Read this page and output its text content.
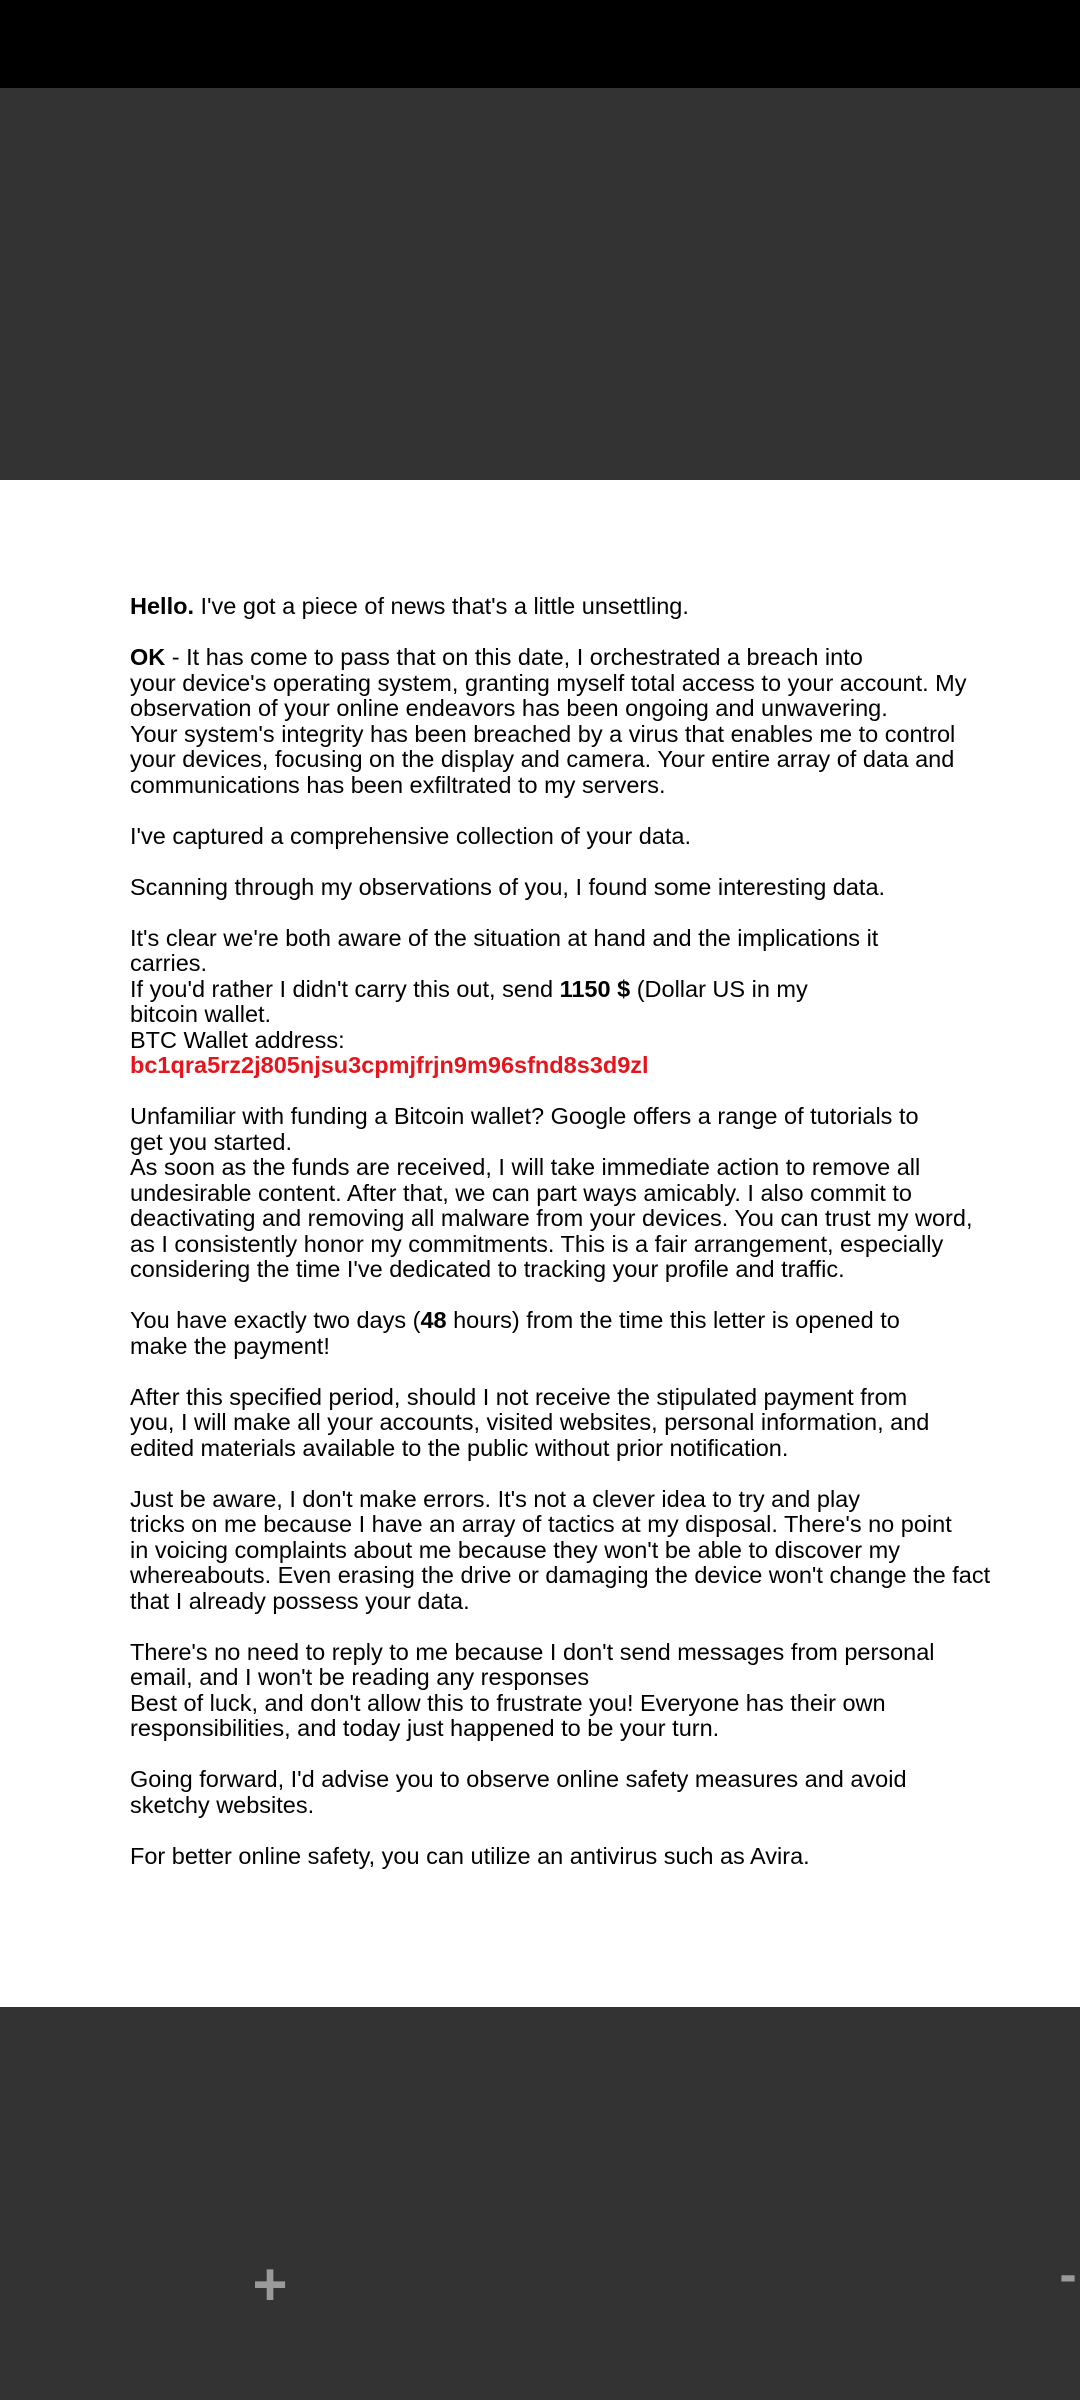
Hello. I've got a piece of news that's a little unsettling.

OK - It has come to pass that on this date, I orchestrated a breach into
your device's operating system, granting myself total access to your account. My
observation of your online endeavors has been ongoing and unwavering.
Your system's integrity has been breached by a virus that enables me to control
your devices, focusing on the display and camera. Your entire array of data and
communications has been exfiltrated to my servers.

I've captured a comprehensive collection of your data.

Scanning through my observations of you, I found some interesting data.

It's clear we're both aware of the situation at hand and the implications it
carries.
If you'd rather I didn't carry this out, send 1150 $ (Dollar US in my
bitcoin wallet.
BTC Wallet address:
bc1qra5rz2j805njsu3cpmjfrjn9m96sfnd8s3d9zl

Unfamiliar with funding a Bitcoin wallet? Google offers a range of tutorials to
get you started.
As soon as the funds are received, I will take immediate action to remove all
undesirable content. After that, we can part ways amicably. I also commit to
deactivating and removing all malware from your devices. You can trust my word,
as I consistently honor my commitments. This is a fair arrangement, especially
considering the time I've dedicated to tracking your profile and traffic.

You have exactly two days (48 hours) from the time this letter is opened to
make the payment!

After this specified period, should I not receive the stipulated payment from
you, I will make all your accounts, visited websites, personal information, and
edited materials available to the public without prior notification.

Just be aware, I don't make errors. It's not a clever idea to try and play
tricks on me because I have an array of tactics at my disposal. There's no point
in voicing complaints about me because they won't be able to discover my
whereabouts. Even erasing the drive or damaging the device won't change the fact
that I already possess your data.

There's no need to reply to me because I don't send messages from personal
email, and I won't be reading any responses
Best of luck, and don't allow this to frustrate you! Everyone has their own
responsibilities, and today just happened to be your turn.

Going forward, I'd advise you to observe online safety measures and avoid
sketchy websites.

For better online safety, you can utilize an antivirus such as Avira.

+	-
